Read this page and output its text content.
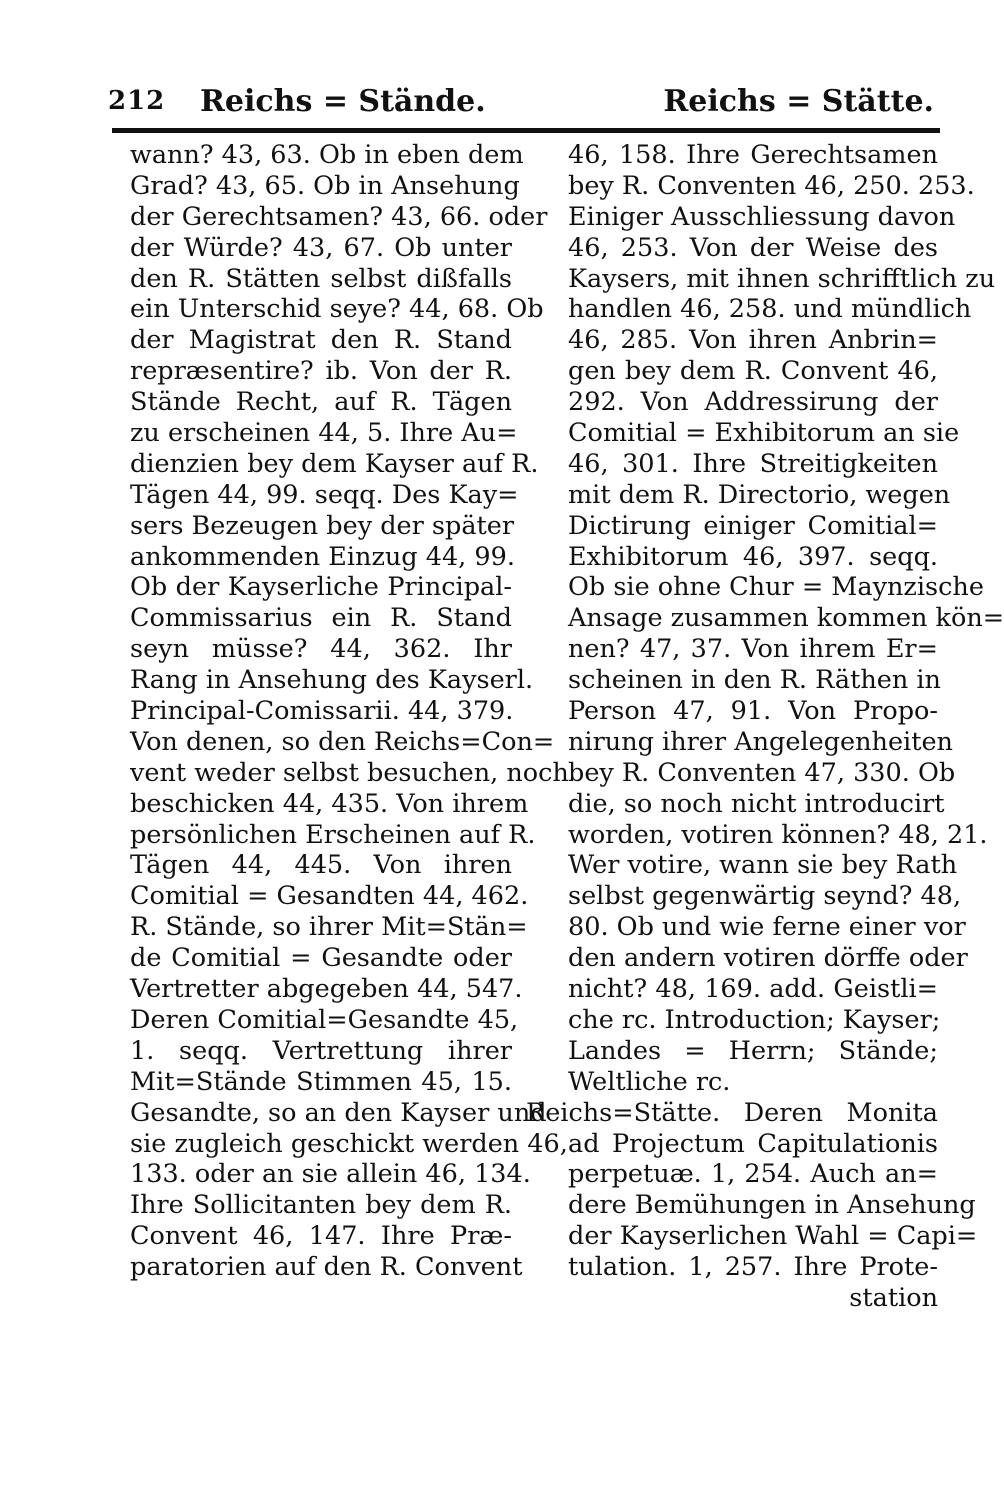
212 Reichs = Stände.	Reichs = Stätte.
wann? 43, 63. Ob in eben dem
Grad? 43, 65. Ob in Ansehung
der Gerechtsamen? 43, 66. oder
der Würde? 43, 67. Ob unter
den R. Stätten selbst dißfalls
ein Unterschid seye? 44, 68. Ob
der Magistrat den R. Stand
repræsentire? ib. Von der R.
Stände Recht, auf R. Tägen
zu erscheinen 44, 5. Ihre Au=
dienzien bey dem Kayser auf R.
Tägen 44, 99. seqq. Des Kay=
sers Bezeugen bey der später
ankommenden Einzug 44, 99.
Ob der Kayserliche Principal-
Commissarius ein R. Stand
seyn müsse? 44, 362. Ihr
Rang in Ansehung des Kayserl.
Principal-Comissarii. 44, 379.
Von denen, so den Reichs=Con=
vent weder selbst besuchen, noch
beschicken 44, 435. Von ihrem
persönlichen Erscheinen auf R.
Tägen 44, 445. Von ihren
Comitial = Gesandten 44, 462.
R. Stände, so ihrer Mit=Stän=
de Comitial = Gesandte oder
Vertretter abgegeben 44, 547.
Deren Comitial=Gesandte 45,
1. seqq. Vertrettung ihrer
Mit=Stände Stimmen 45, 15.
Gesandte, so an den Kayser und
sie zugleich geschickt werden 46,
133. oder an sie allein 46, 134.
Ihre Sollicitanten bey dem R.
Convent 46, 147. Ihre Præ-
paratorien auf den R. Convent
46, 158. Ihre Gerechtsamen
bey R. Conventen 46, 250. 253.
Einiger Ausschliessung davon
46, 253. Von der Weise des
Kaysers, mit ihnen schrifftlich zu
handlen 46, 258. und mündlich
46, 285. Von ihren Anbrin=
gen bey dem R. Convent 46,
292. Von Addressirung der
Comitial = Exhibitorum an sie
46, 301. Ihre Streitigkeiten
mit dem R. Directorio, wegen
Dictirung einiger Comitial=
Exhibitorum 46, 397. seqq.
Ob sie ohne Chur = Maynzische
Ansage zusammen kommen kön=
nen? 47, 37. Von ihrem Er=
scheinen in den R. Räthen in
Person 47, 91. Von Propo-
nirung ihrer Angelegenheiten
bey R. Conventen 47, 330. Ob
die, so noch nicht introducirt
worden, votiren können? 48, 21.
Wer votire, wann sie bey Rath
selbst gegenwärtig seynd? 48,
80. Ob und wie ferne einer vor
den andern votiren dörffe oder
nicht? 48, 169. add. Geistli=
che rc. Introduction; Kayser;
Landes = Herrn; Stände;
Weltliche rc.
Reichs=Stätte. Deren Monita
ad Projectum Capitulationis
perpetuæ. 1, 254. Auch an=
dere Bemühungen in Ansehung
der Kayserlichen Wahl = Capi=
tulation. 1, 257. Ihre Prote-
station
